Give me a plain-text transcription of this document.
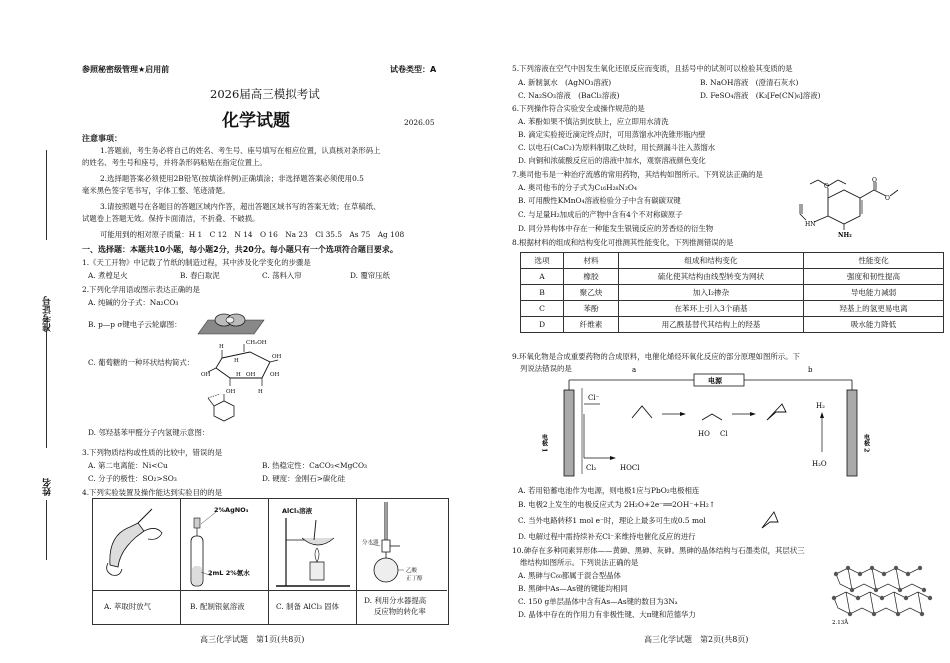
参照秘密级管理★启用前	试卷类型：A
2026届高三模拟考试
化学试题	2026.05
注意事项：
1.答题前，考生务必将自己的姓名、考生号、座号填写在相应位置，认真核对条形码上
的姓名、考生号和座号，并将条形码粘贴在指定位置上。
2.选择题答案必须使用2B铅笔(按填涂样例)正确填涂；非选择题答案必须使用0.5
毫米黑色签字笔书写，字体工整、笔迹清楚。
3.请按照题号在各题目的答题区域内作答，超出答题区域书写的答案无效；在草稿纸、
试题卷上答题无效。保持卡面清洁，不折叠、不破损。
可能用到的相对原子质量：H 1　C 12　N 14　O 16　Na 23　Cl 35.5　As 75　Ag 108
一、选择题：本题共10小题，每小题2分，共20分。每小题只有一个选项符合题目要求。
1.《天工开物》中记载了竹纸的制造过程，其中涉及化学变化的步骤是
A. 煮楻足火	B. 舂臼取泥	C. 荡料入帘	D. 覆帘压纸
2.下列化学用语或图示表达正确的是
A. 纯碱的分子式：Na₂CO₃
B. p—p σ键电子云轮廓图：
C. 葡萄糖的一种环状结构简式：
CH₂OH
H
H
OH
OH
OH
H
OH
H	OH
D. 邻羟基苯甲醛分子内氢键示意图：
3.下列物质结构或性质的比较中，错误的是
A. 第二电离能：Ni<Cu	B. 热稳定性：CaCO₃<MgCO₃
C. 分子的极性：SO₂>SO₃	D. 硬度：金刚石>碳化硅
4.下列实验装置及操作能达到实验目的的是
2%AgNO₃
2mL 2%氨水
AlCl₃溶液
分水器
乙酸
正丁醇
A. 萃取时放气	B. 配制银氨溶液	C. 制备 AlCl₃ 固体
D. 利用分水器提高
反应物的转化率
准考证号
姓名
高三化学试题　第1页(共8页)
5.下列溶液在空气中因发生氧化还原反应而变质，且括号中的试剂可以检验其变质的是
A. 新制氯水　(AgNO₃溶液)	B. NaOH溶液　(澄清石灰水)
C. Na₂SO₃溶液　(BaCl₂溶液)	D. FeSO₄溶液　(K₃[Fe(CN)₆]溶液)
6.下列操作符合实验安全或操作规范的是
A. 苯酚如果不慎沾到皮肤上，应立即用水清洗
B. 滴定实验接近滴定终点时，可用蒸馏水冲洗锥形瓶内壁
C. 以电石(CaC₂)为原料制取乙炔时，用长颈漏斗注入蒸馏水
D. 向铜和浓硫酸反应后的溶液中加水，观察溶液颜色变化
7.奥司他韦是一种治疗流感的常用药物，其结构如图所示。下列说法正确的是
A. 奥司他韦的分子式为C₁₆H₂₈N₂O₄
B. 可用酸性KMnO₄溶液检验分子中含有碳碳双键
C. 与足量H₂加成后的产物中含有4个不对称碳原子
D. 同分异构体中存在一种能发生银镜反应的芳香烃的衍生物
O
O
O
HN
NH₂
8.根据材料的组成和结构变化可推测其性能变化，下列推测错误的是
选项	材料	组成和结构变化	性能变化
A	橡胶	硫化使其结构由线型转变为网状	强度和韧性提高
B	聚乙炔	加入I₂掺杂	导电能力减弱
C	苯酚	在苯环上引入3个硝基	羟基上的氢更易电离
D	纤维素	用乙酰基替代其结构上的羟基	吸水能力降低
9.环氧化物是合成重要药物的合成原料，电催化烯烃环氧化反应的部分原理如图所示。下
列说法错误的是	a
电源
b
Cl⁻
Cl₂	HOCl
HO Cl
H₂
H₂O
电极 1	电极 2
A. 若用铅蓄电池作为电源，则电极1应与PbO₂电极相连
B. 电极2上发生的电极反应式为 2H₂O+2e⁻══2OH⁻+H₂↑
C. 当外电路转移1 mol e⁻时，理论上最多可生成0.5 mol
D. 电解过程中需持续补充Cl⁻来维持电催化反应的进行
10.砷存在多种同素异形体——黄砷、黑砷、灰砷。黑砷的晶体结构与石墨类似，其层状三
维结构如图所示。下列说法正确的是
A. 黑砷与C₆₀都属于混合型晶体
B. 黑砷中As—As键的键能均相同
C. 150 g单层晶体中含有As—As键的数目为3Nₐ
D. 晶体中存在的作用力有非极性键、大π键和范德华力
2.13Å
高三化学试题　第2页(共8页)
